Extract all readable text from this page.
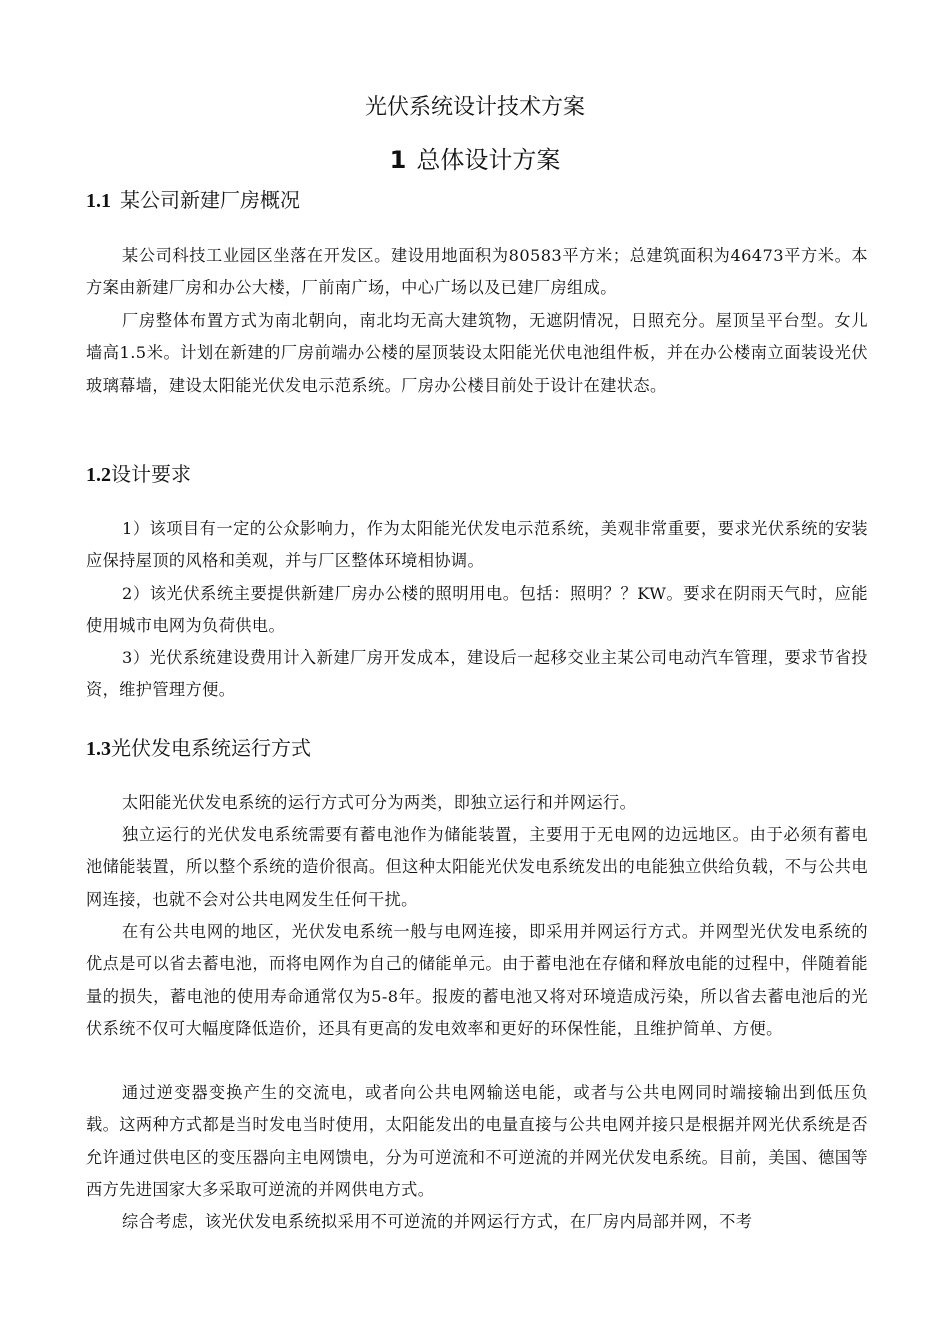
光伏系统设计技术方案
1 总体设计方案
1.1 某公司新建厂房概况

某公司科技工业园区坐落在开发区。建设用地面积为80583平方米；总建筑面积为46473平方米。本方案由新建厂房和办公大楼，厂前南广场，中心广场以及已建厂房组成。

厂房整体布置方式为南北朝向，南北均无高大建筑物，无遮阴情况，日照充分。屋顶呈平台型。女儿墙高1.5米。计划在新建的厂房前端办公楼的屋顶装设太阳能光伏电池组件板，并在办公楼南立面装设光伏玻璃幕墙，建设太阳能光伏发电示范系统。厂房办公楼目前处于设计在建状态。

1.2设计要求

1）该项目有一定的公众影响力，作为太阳能光伏发电示范系统，美观非常重要，要求光伏系统的安装应保持屋顶的风格和美观，并与厂区整体环境相协调。

2）该光伏系统主要提供新建厂房办公楼的照明用电。包括：照明？？KW。要求在阴雨天气时，应能使用城市电网为负荷供电。

3）光伏系统建设费用计入新建厂房开发成本，建设后一起移交业主某公司电动汽车管理，要求节省投资，维护管理方便。

1.3光伏发电系统运行方式

太阳能光伏发电系统的运行方式可分为两类，即独立运行和并网运行。

独立运行的光伏发电系统需要有蓄电池作为储能装置，主要用于无电网的边远地区。由于必须有蓄电池储能装置，所以整个系统的造价很高。但这种太阳能光伏发电系统发出的电能独立供给负载，不与公共电网连接，也就不会对公共电网发生任何干扰。

在有公共电网的地区，光伏发电系统一般与电网连接，即采用并网运行方式。并网型光伏发电系统的优点是可以省去蓄电池，而将电网作为自己的储能单元。由于蓄电池在存储和释放电能的过程中，伴随着能量的损失，蓄电池的使用寿命通常仅为5-8年。报废的蓄电池又将对环境造成污染，所以省去蓄电池后的光伏系统不仅可大幅度降低造价，还具有更高的发电效率和更好的环保性能，且维护简单、方便。

通过逆变器变换产生的交流电，或者向公共电网输送电能，或者与公共电网同时端接输出到低压负载。这两种方式都是当时发电当时使用，太阳能发出的电量直接与公共电网并接只是根据并网光伏系统是否允许通过供电区的变压器向主电网馈电，分为可逆流和不可逆流的并网光伏发电系统。目前，美国、德国等西方先进国家大多采取可逆流的并网供电方式。

综合考虑，该光伏发电系统拟采用不可逆流的并网运行方式，在厂房内局部并网，不考
